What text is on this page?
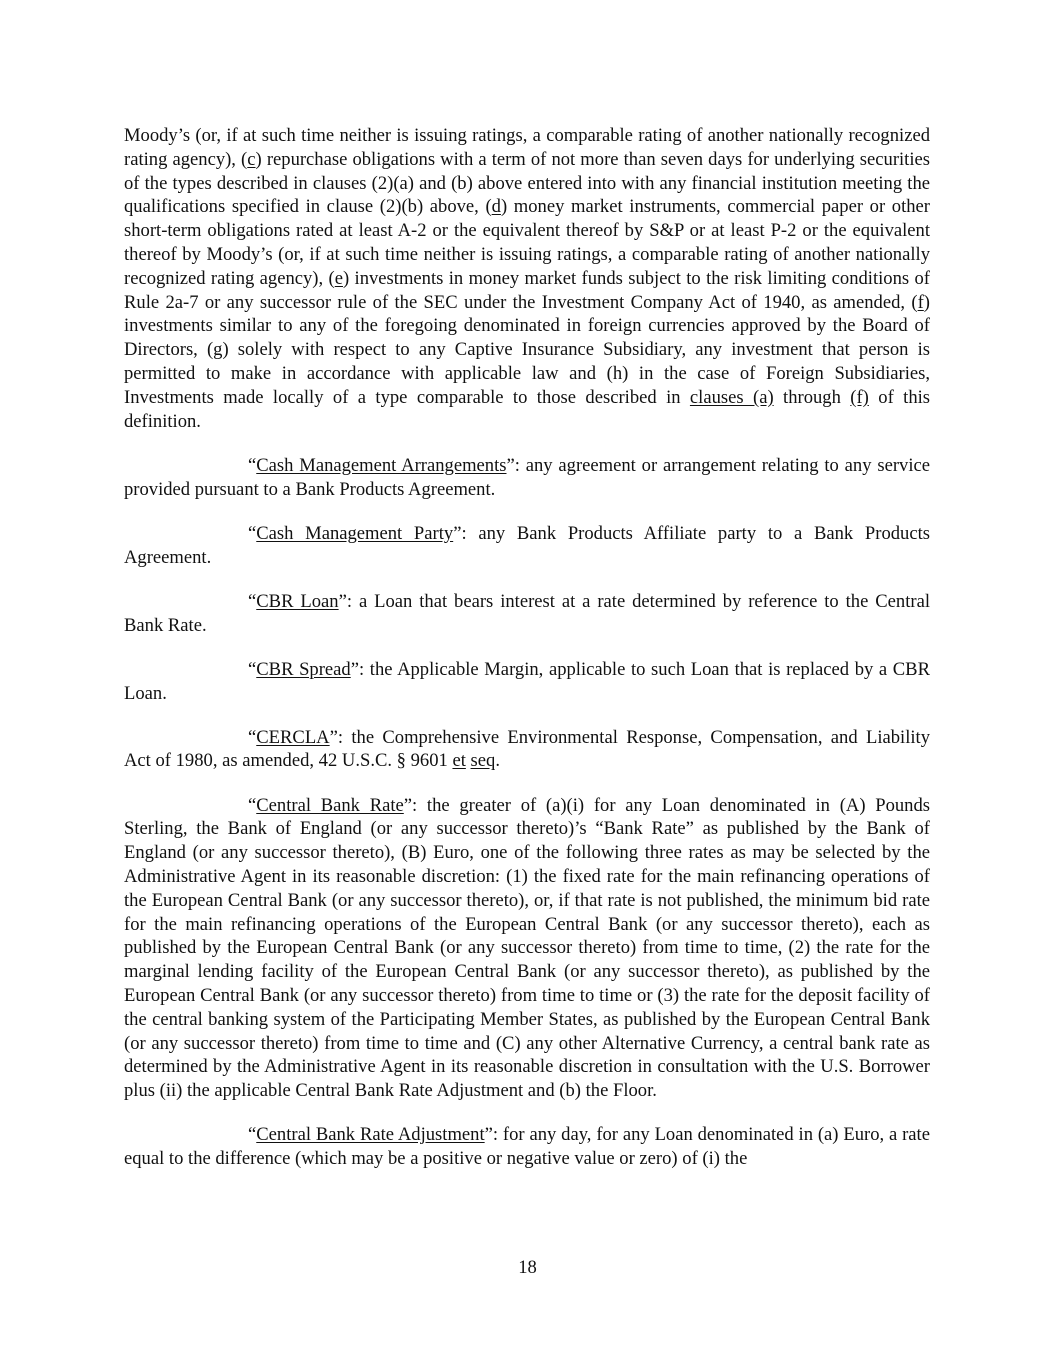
Moody’s (or, if at such time neither is issuing ratings, a comparable rating of another nationally recognized rating agency), (c) repurchase obligations with a term of not more than seven days for underlying securities of the types described in clauses (2)(a) and (b) above entered into with any financial institution meeting the qualifications specified in clause (2)(b) above, (d) money market instruments, commercial paper or other short-term obligations rated at least A-2 or the equivalent thereof by S&P or at least P-2 or the equivalent thereof by Moody’s (or, if at such time neither is issuing ratings, a comparable rating of another nationally recognized rating agency), (e) investments in money market funds subject to the risk limiting conditions of Rule 2a-7 or any successor rule of the SEC under the Investment Company Act of 1940, as amended, (f) investments similar to any of the foregoing denominated in foreign currencies approved by the Board of Directors, (g) solely with respect to any Captive Insurance Subsidiary, any investment that person is permitted to make in accordance with applicable law and (h) in the case of Foreign Subsidiaries, Investments made locally of a type comparable to those described in clauses (a) through (f) of this definition.

“Cash Management Arrangements”: any agreement or arrangement relating to any service provided pursuant to a Bank Products Agreement.

“Cash Management Party”: any Bank Products Affiliate party to a Bank Products Agreement.

“CBR Loan”: a Loan that bears interest at a rate determined by reference to the Central Bank Rate.

“CBR Spread”: the Applicable Margin, applicable to such Loan that is replaced by a CBR Loan.

“CERCLA”: the Comprehensive Environmental Response, Compensation, and Liability Act of 1980, as amended, 42 U.S.C. § 9601 et seq.

“Central Bank Rate”: the greater of (a)(i) for any Loan denominated in (A) Pounds Sterling, the Bank of England (or any successor thereto)’s “Bank Rate” as published by the Bank of England (or any successor thereto), (B) Euro, one of the following three rates as may be selected by the Administrative Agent in its reasonable discretion: (1) the fixed rate for the main refinancing operations of the European Central Bank (or any successor thereto), or, if that rate is not published, the minimum bid rate for the main refinancing operations of the European Central Bank (or any successor thereto), each as published by the European Central Bank (or any successor thereto) from time to time, (2) the rate for the marginal lending facility of the European Central Bank (or any successor thereto), as published by the European Central Bank (or any successor thereto) from time to time or (3) the rate for the deposit facility of the central banking system of the Participating Member States, as published by the European Central Bank (or any successor thereto) from time to time and (C) any other Alternative Currency, a central bank rate as determined by the Administrative Agent in its reasonable discretion in consultation with the U.S. Borrower plus (ii) the applicable Central Bank Rate Adjustment and (b) the Floor.

“Central Bank Rate Adjustment”: for any day, for any Loan denominated in (a) Euro, a rate equal to the difference (which may be a positive or negative value or zero) of (i) the

18
